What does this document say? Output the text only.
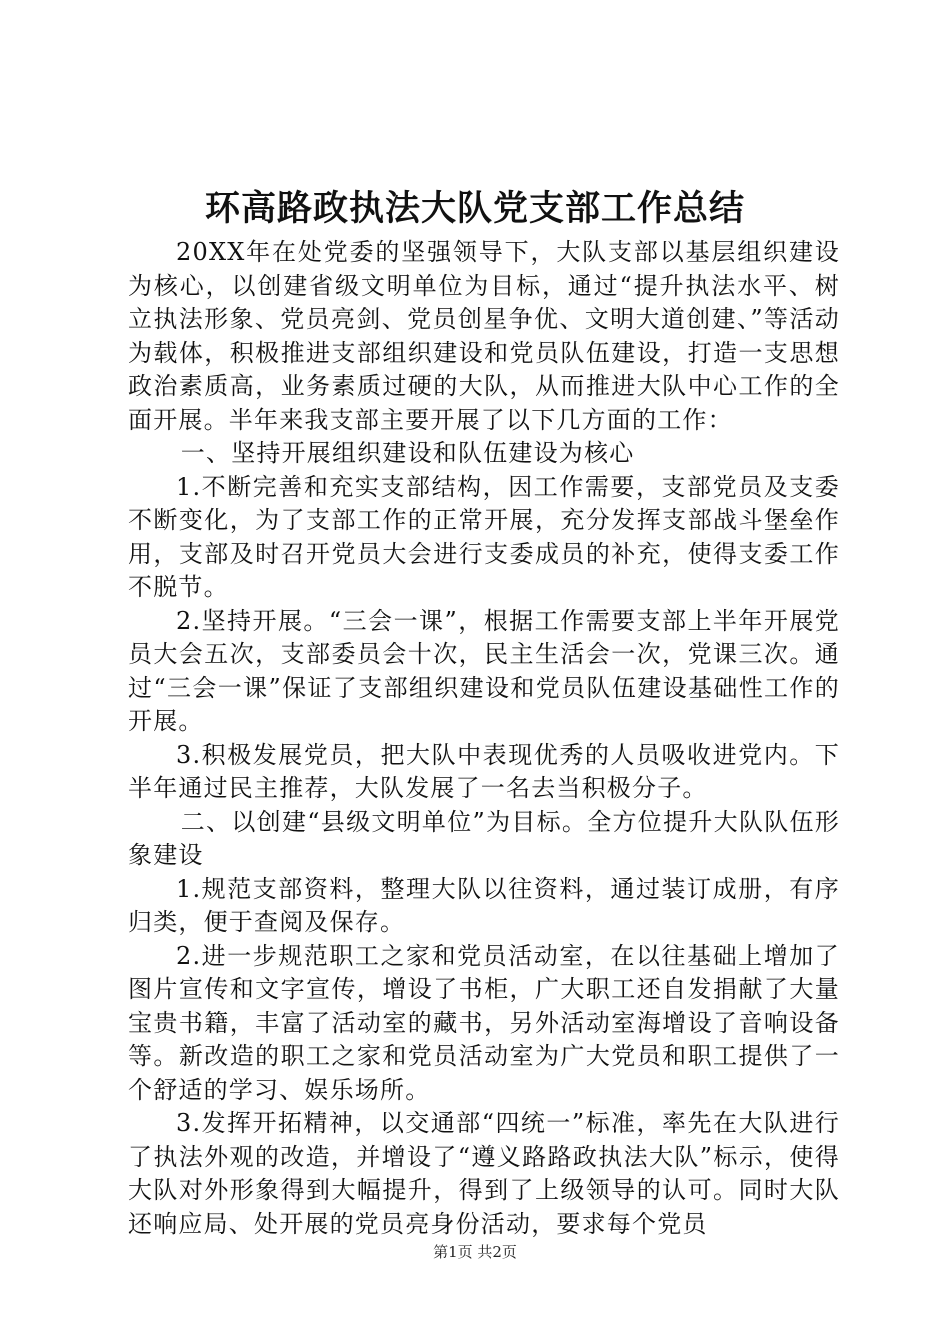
环高路政执法大队党支部工作总结

20XX年在处党委的坚强领导下，大队支部以基层组织建设为核心，以创建省级文明单位为目标，通过“提升执法水平、树立执法形象、党员亮剑、党员创星争优、文明大道创建、”等活动为载体，积极推进支部组织建设和党员队伍建设，打造一支思想政治素质高，业务素质过硬的大队，从而推进大队中心工作的全面开展。半年来我支部主要开展了以下几方面的工作：

一、坚持开展组织建设和队伍建设为核心

1.不断完善和充实支部结构，因工作需要，支部党员及支委不断变化，为了支部工作的正常开展，充分发挥支部战斗堡垒作用，支部及时召开党员大会进行支委成员的补充，使得支委工作不脱节。

2.坚持开展。“三会一课”，根据工作需要支部上半年开展党员大会五次，支部委员会十次，民主生活会一次，党课三次。通过“三会一课”保证了支部组织建设和党员队伍建设基础性工作的开展。

3.积极发展党员，把大队中表现优秀的人员吸收进党内。下半年通过民主推荐，大队发展了一名去当积极分子。

二、以创建“县级文明单位”为目标。全方位提升大队队伍形象建设

1.规范支部资料，整理大队以往资料，通过装订成册，有序归类，便于查阅及保存。

2.进一步规范职工之家和党员活动室，在以往基础上增加了图片宣传和文字宣传，增设了书柜，广大职工还自发捐献了大量宝贵书籍，丰富了活动室的藏书，另外活动室海增设了音响设备等。新改造的职工之家和党员活动室为广大党员和职工提供了一个舒适的学习、娱乐场所。

3.发挥开拓精神，以交通部“四统一”标准，率先在大队进行了执法外观的改造，并增设了“遵义路路政执法大队”标示，使得大队对外形象得到大幅提升，得到了上级领导的认可。同时大队还响应局、处开展的党员亮身份活动，要求每个党员

第1页 共2页
